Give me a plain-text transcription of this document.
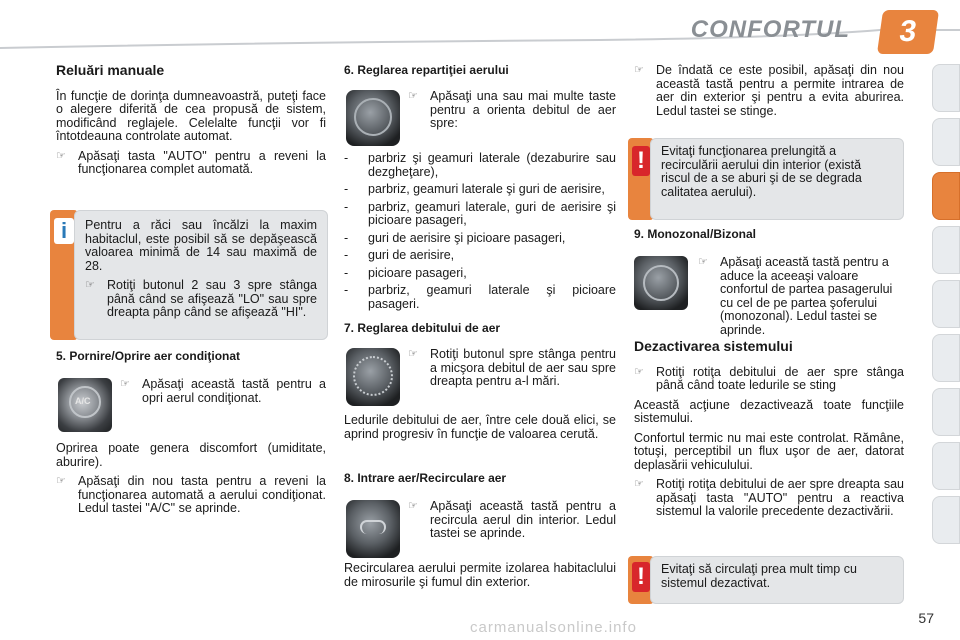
CONFORTUL	3
Reluări manuale

În funcţie de dorinţa dumneavoastră, puteţi face o alegere diferită de cea propusă de sistem, modificând reglajele. Celelalte funcţii vor fi întotdeauna controlate automat.

☞ Apăsaţi tasta "AUTO" pentru a reveni la funcţionarea complet automată.
i	Pentru a răci sau încălzi la maxim habitaclul, este posibil să se depăşească valoarea minimă de 14 sau maximă de 28.

☞ Rotiţi butonul 2 sau 3 spre stânga până când se afişează "LO" sau spre dreapta pânp când se afişează "HI".
5. Pornire/Oprire aer condiţionat
A/C
☞ Apăsaţi această tastă pentru a opri aerul condiţionat.

Oprirea poate genera discomfort (umiditate, aburire).

☞ Apăsaţi din nou tasta pentru a reveni la funcţionarea automată a aerului condiţionat. Ledul tastei "A/C" se aprinde.
6. Reglarea repartiţiei aerului
☞ Apăsaţi una sau mai multe taste pentru a orienta debitul de aer spre:
-	parbriz şi geamuri laterale (dezaburire sau dezgheţare),
-	parbriz, geamuri laterale şi guri de aerisire,
-	parbriz, geamuri laterale, guri de aerisire şi picioare pasageri,
-	guri de aerisire şi picioare pasageri,
-	guri de aerisire,
-	picioare pasageri,
-	parbriz, geamuri laterale şi picioare pasageri.
7. Reglarea debitului de aer
☞ Rotiţi butonul spre stânga pentru a micşora debitul de aer sau spre dreapta pentru a-l mări.

Ledurile debitului de aer, între cele două elici, se aprind progresiv în funcţie de valoarea cerută.

8. Intrare aer/Recirculare aer
☞ Apăsaţi această tastă pentru a recircula aerul din interior. Ledul tastei se aprinde.

Recircularea aerului permite izolarea habitaclului de mirosurile şi fumul din exterior.

☞ De îndată ce este posibil, apăsaţi din nou această tastă pentru a permite intrarea de aer din exterior şi pentru a evita aburirea. Ledul tastei se stinge.
!	Evitaţi funcţionarea prelungită a recirculării aerului din interior (există riscul de a se aburi şi de se degrada calitatea aerului).

9. Monozonal/Bizonal
☞ Apăsaţi această tastă pentru a aduce la aceeaşi valoare confortul de partea pasagerului cu cel de pe partea şoferului (monozonal). Ledul tastei se aprinde.
Dezactivarea sistemului
☞ Rotiţi rotiţa debitului de aer spre stânga până când toate ledurile se sting

Această acţiune dezactivează toate funcţiile sistemului.

Confortul termic nu mai este controlat. Rămâne, totuşi, perceptibil un flux uşor de aer, datorat deplasării vehiculului.

☞ Rotiţi rotiţa debitului de aer spre dreapta sau apăsaţi tasta "AUTO" pentru a reactiva sistemul la valorile precedente dezactivării.
!	Evitaţi să circulaţi prea mult timp cu sistemul dezactivat.

57
carmanualsonline.info
